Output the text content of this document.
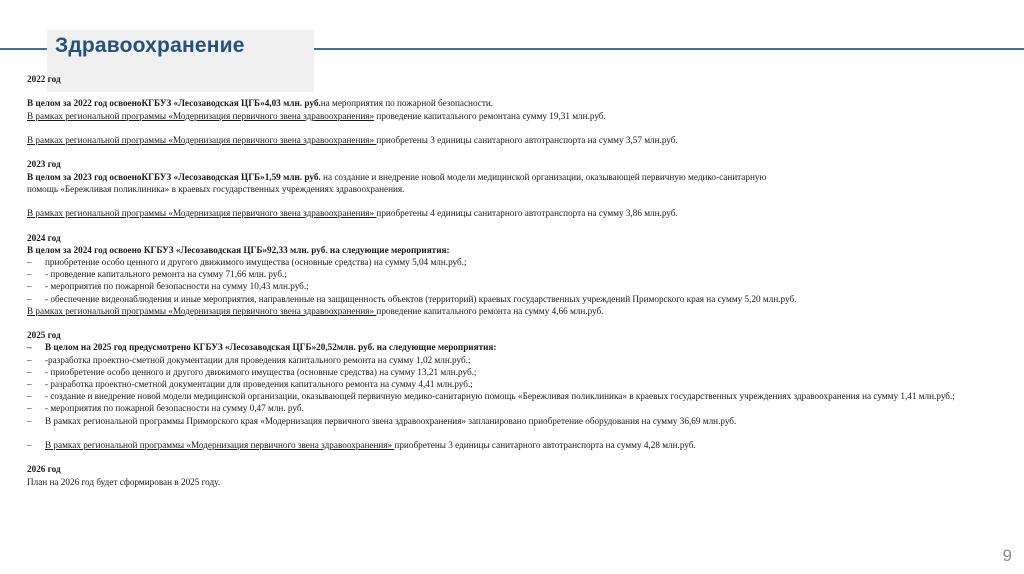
Здравоохранение
2022 год
В целом за 2022 год освоеноКГБУЗ «Лесозаводская ЦГБ»4,03 млн. руб.на мероприятия по пожарной безопасности.
В рамках региональной программы «Модернизация первичного звена здравоохранения» проведение капитального ремонтана сумму 19,31 млн.руб.
В рамках региональной программы «Модернизация первичного звена здравоохранения» приобретены 3 единицы санитарного автотранспорта на сумму 3,57 млн.руб.
2023 год
В целом за 2023 год освоеноКГБУЗ «Лесозаводская ЦГБ»1,59 млн. руб. на создание и внедрение новой модели медицинской организации, оказывающей первичную медико-санитарную
помощь «Бережливая поликлиника» в краевых государственных учреждениях здравоохранения.
В рамках региональной программы «Модернизация первичного звена здравоохранения» приобретены 4 единицы санитарного автотранспорта на сумму 3,86 млн.руб.
2024 год
В целом за 2024 год освоено КГБУЗ «Лесозаводская ЦГБ»92,33 млн. руб. на следующие мероприятия:
–	приобретение особо ценного и другого движимого имущества (основные средства) на сумму 5,04 млн.руб.;
–	- проведение капитального ремонта на сумму 71,66 млн. руб.;
–	- мероприятия по пожарной безопасности на сумму 10,43 млн.руб.;
–	- обеспечение видеонаблюдения и иные мероприятия, направленные на защищенность объектов (территорий) краевых государственных учреждений Приморского края на сумму 5,20 млн.руб.
В рамках региональной программы «Модернизация первичного звена здравоохранения» проведение капитального ремонта на сумму 4,66 млн.руб.
2025 год
–	В целом на 2025 год предусмотрено КГБУЗ «Лесозаводская ЦГБ»20,52млн. руб. на следующие мероприятия:
–	-разработка проектно-сметной документации для проведения капитального ремонта на сумму 1,02 млн.руб.;
–	- приобретение особо ценного и другого движимого имущества (основные средства) на сумму 13,21 млн.руб.;
–	- разработка проектно-сметной документации для проведения капитального ремонта на сумму 4,41 млн.руб.;
–	- создание и внедрение новой модели медицинской организации, оказывающей первичную медико-санитарную помощь «Бережливая поликлиника» в краевых государственных учреждениях здравоохранения на сумму 1,41 млн.руб.;
–	- мероприятия по пожарной безопасности на сумму 0,47 млн. руб.
–	В рамках региональной программы Приморского края «Модернизация первичного звена здравоохранения» запланировано приобретение оборудования на сумму 36,69 млн.руб.
–	В рамках региональной программы «Модернизация первичного звена здравоохранения» приобретены 3 единицы санитарного автотранспорта на сумму 4,28 млн.руб.
2026 год
План на 2026 год будет сформирован в 2025 году.
9
